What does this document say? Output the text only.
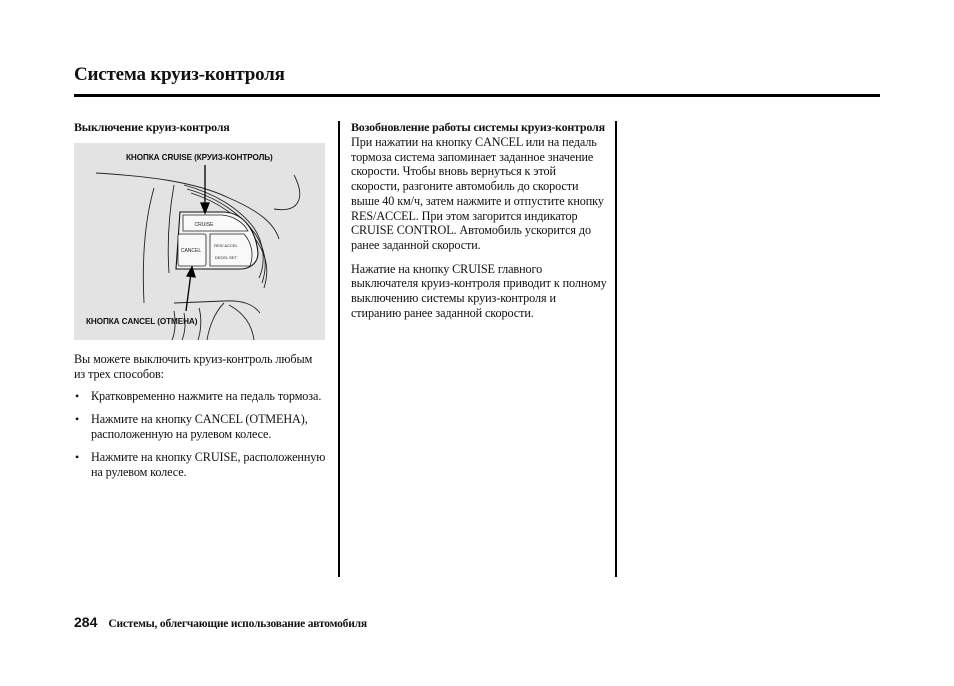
Система круиз-контроля
Выключение круиз-контроля
CRUISE
CANCEL
RES/ ACCEL
DECEL SET
КНОПКА CRUISE (КРУИЗ-КОНТРОЛЬ)
КНОПКА CANCEL (ОТМЕНА)

Вы можете выключить круиз-контроль любым из трех способов:

• Кратковременно нажмите на педаль тормоза.
• Нажмите на кнопку CANCEL (ОТМЕНА), расположенную на рулевом колесе.
• Нажмите на кнопку CRUISE, расположенную на рулевом колесе.
Возобновление работы системы круиз-контроля

При нажатии на кнопку CANCEL или на педаль тормоза система запоминает заданное значение скорости. Чтобы вновь вернуться к этой скорости, разгоните автомобиль до скорости выше 40 км/ч, затем нажмите и отпустите кнопку RES/ACCEL. При этом загорится индикатор CRUISE CONTROL. Автомобиль ускорится до ранее заданной скорости.

Нажатие на кнопку CRUISE главного выключателя круиз-контроля приводит к полному выключению системы круиз-контроля и стиранию ранее заданной скорости.

284 Системы, облегчающие использование автомобиля
